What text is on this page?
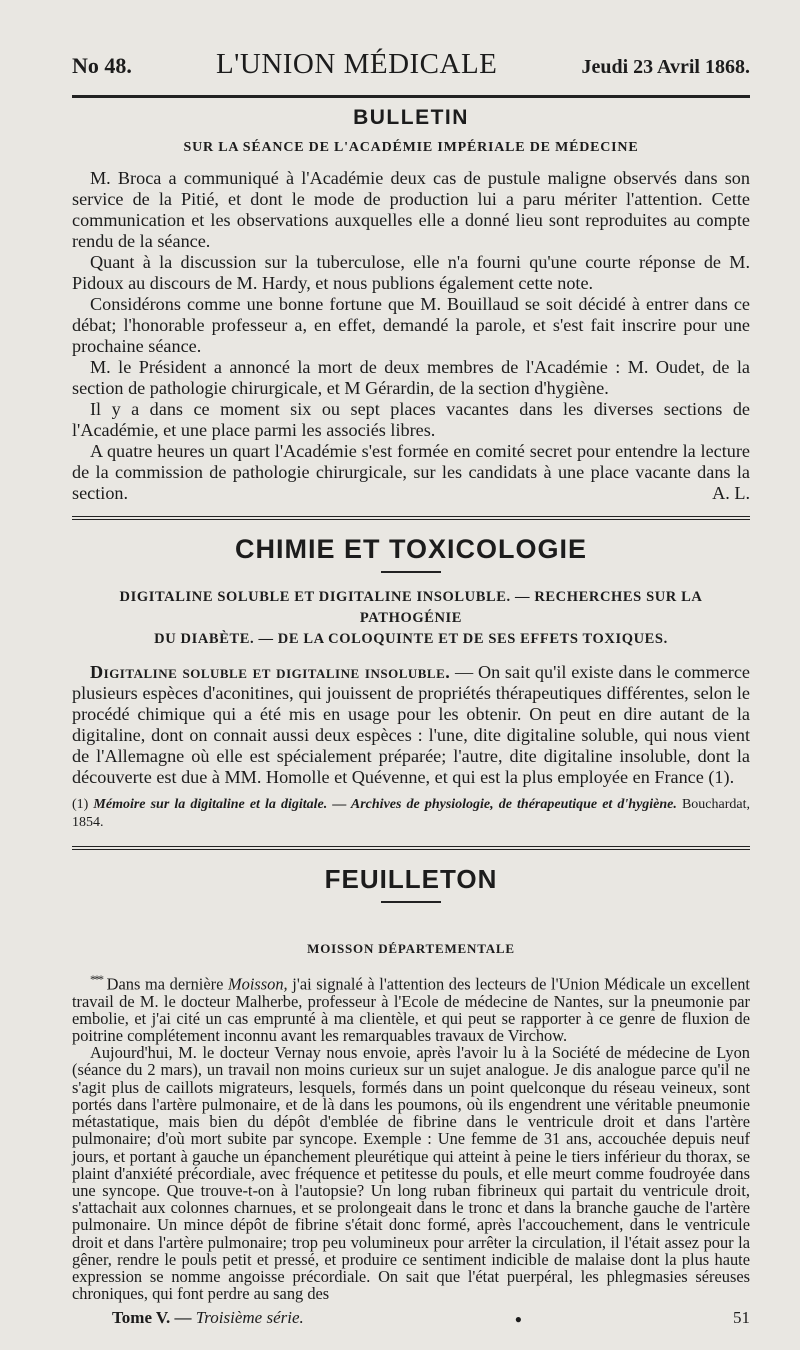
No 48.	L'UNION MÉDICALE	Jeudi 23 Avril 1868.
BULLETIN
SUR LA SÉANCE DE L'ACADÉMIE IMPÉRIALE DE MÉDECINE

M. Broca a communiqué à l'Académie deux cas de pustule maligne observés dans son service de la Pitié, et dont le mode de production lui a paru mériter l'attention. Cette communication et les observations auxquelles elle a donné lieu sont reproduites au compte rendu de la séance.

Quant à la discussion sur la tuberculose, elle n'a fourni qu'une courte réponse de M. Pidoux au discours de M. Hardy, et nous publions également cette note.

Considérons comme une bonne fortune que M. Bouillaud se soit décidé à entrer dans ce débat; l'honorable professeur a, en effet, demandé la parole, et s'est fait inscrire pour une prochaine séance.

M. le Président a annoncé la mort de deux membres de l'Académie : M. Oudet, de la section de pathologie chirurgicale, et M Gérardin, de la section d'hygiène.

Il y a dans ce moment six ou sept places vacantes dans les diverses sections de l'Académie, et une place parmi les associés libres.

A quatre heures un quart l'Académie s'est formée en comité secret pour entendre la lecture de la commission de pathologie chirurgicale, sur les candidats à une place vacante dans la section.	A. L.

CHIMIE ET TOXICOLOGIE
DIGITALINE SOLUBLE ET DIGITALINE INSOLUBLE. — RECHERCHES SUR LA PATHOGÉNIE
DU DIABÈTE. — DE LA COLOQUINTE ET DE SES EFFETS TOXIQUES.

Digitaline soluble et digitaline insoluble. — On sait qu'il existe dans le commerce plusieurs espèces d'aconitines, qui jouissent de propriétés thérapeutiques différentes, selon le procédé chimique qui a été mis en usage pour les obtenir. On peut en dire autant de la digitaline, dont on connait aussi deux espèces : l'une, dite digitaline soluble, qui nous vient de l'Allemagne où elle est spécialement préparée; l'autre, dite digitaline insoluble, dont la découverte est due à MM. Homolle et Quévenne, et qui est la plus employée en France (1).

(1) Mémoire sur la digitaline et la digitale. — Archives de physiologie, de thérapeutique et d'hygiène. Bouchardat, 1854.
FEUILLETON
MOISSON DÉPARTEMENTALE

*** Dans ma dernière Moisson, j'ai signalé à l'attention des lecteurs de l'Union Médicale un excellent travail de M. le docteur Malherbe, professeur à l'Ecole de médecine de Nantes, sur la pneumonie par embolie, et j'ai cité un cas emprunté à ma clientèle, et qui peut se rapporter à ce genre de fluxion de poitrine complétement inconnu avant les remarquables travaux de Virchow.

Aujourd'hui, M. le docteur Vernay nous envoie, après l'avoir lu à la Société de médecine de Lyon (séance du 2 mars), un travail non moins curieux sur un sujet analogue. Je dis analogue parce qu'il ne s'agit plus de caillots migrateurs, lesquels, formés dans un point quelconque du réseau veineux, sont portés dans l'artère pulmonaire, et de là dans les poumons, où ils engendrent une véritable pneumonie métastatique, mais bien du dépôt d'emblée de fibrine dans le ventricule droit et dans l'artère pulmonaire; d'où mort subite par syncope. Exemple : Une femme de 31 ans, accouchée depuis neuf jours, et portant à gauche un épanchement pleurétique qui atteint à peine le tiers inférieur du thorax, se plaint d'anxiété précordiale, avec fréquence et petitesse du pouls, et elle meurt comme foudroyée dans une syncope. Que trouve-t-on à l'autopsie? Un long ruban fibrineux qui partait du ventricule droit, s'attachait aux colonnes charnues, et se prolongeait dans le tronc et dans la branche gauche de l'artère pulmonaire. Un mince dépôt de fibrine s'était donc formé, après l'accouchement, dans le ventricule droit et dans l'artère pulmonaire; trop peu volumineux pour arrêter la circulation, il l'était assez pour la gêner, rendre le pouls petit et pressé, et produire ce sentiment indicible de malaise dont la plus haute expression se nomme angoisse précordiale. On sait que l'état puerpéral, les phlegmasies séreuses chroniques, qui font perdre au sang des

Tome V. — Troisième série.	●	51
